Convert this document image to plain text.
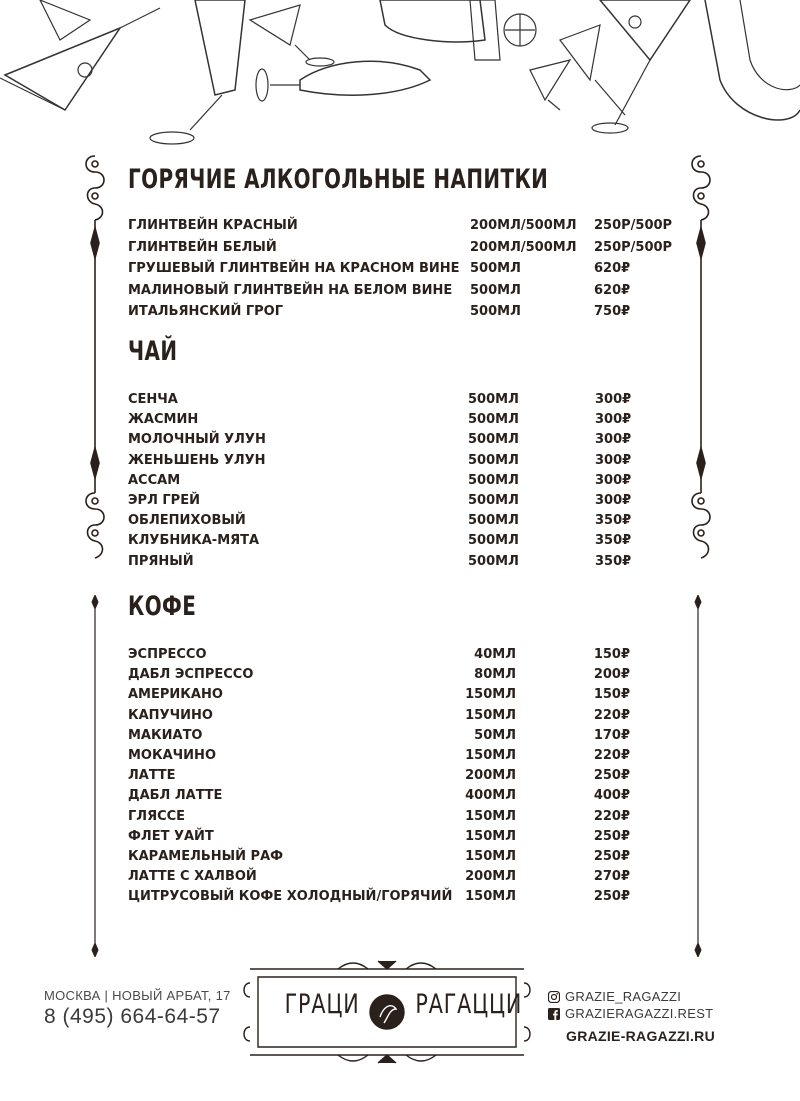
ГОРЯЧИЕ АЛКОГОЛЬНЫЕ НАПИТКИ
ГЛИНТВЕЙН КРАСНЫЙ	200МЛ/500МЛ 250Р/500Р
ГЛИНТВЕЙН БЕЛЫЙ	200МЛ/500МЛ 250Р/500Р
ГРУШЕВЫЙ ГЛИНТВЕЙН НА КРАСНОМ ВИНЕ 500МЛ	620₽
МАЛИНОВЫЙ ГЛИНТВЕЙН НА БЕЛОМ ВИНЕ 500МЛ	620₽
ИТАЛЬЯНСКИЙ ГРОГ	500МЛ	750₽
ЧАЙ
СЕНЧА	500МЛ	300₽
ЖАСМИН	500МЛ	300₽
МОЛОЧНЫЙ УЛУН	500МЛ	300₽
ЖЕНЬШЕНЬ УЛУН	500МЛ	300₽
АССАМ	500МЛ	300₽
ЭРЛ ГРЕЙ	500МЛ	300₽
ОБЛЕПИХОВЫЙ	500МЛ	350₽
КЛУБНИКА-МЯТА	500МЛ	350₽
ПРЯНЫЙ	500МЛ	350₽
КОФЕ
ЭСПРЕССО	40МЛ	150₽
ДАБЛ ЭСПРЕССО	80МЛ	200₽
АМЕРИКАНО	150МЛ	150₽
КАПУЧИНО	150МЛ	220₽
МАКИАТО	50МЛ	170₽
МОКАЧИНО	150МЛ	220₽
ЛАТТЕ	200МЛ	250₽
ДАБЛ ЛАТТЕ	400МЛ	400₽
ГЛЯССЕ	150МЛ	220₽
ФЛЕТ УАЙТ	150МЛ	250₽
КАРАМЕЛЬНЫЙ РАФ	150МЛ	250₽
ЛАТТЕ С ХАЛВОЙ	200МЛ	270₽
ЦИТРУСОВЫЙ КОФЕ ХОЛОДНЫЙ/ГОРЯЧИЙ 150МЛ	250₽
МОСКВА | НОВЫЙ АРБАТ, 17
8 (495) 664-64-57	ГРАЦИ РАГАЦЦИ	GRAZIE_RAGAZZI
GRAZIERAGAZZI.REST
GRAZIE-RAGAZZI.RU
